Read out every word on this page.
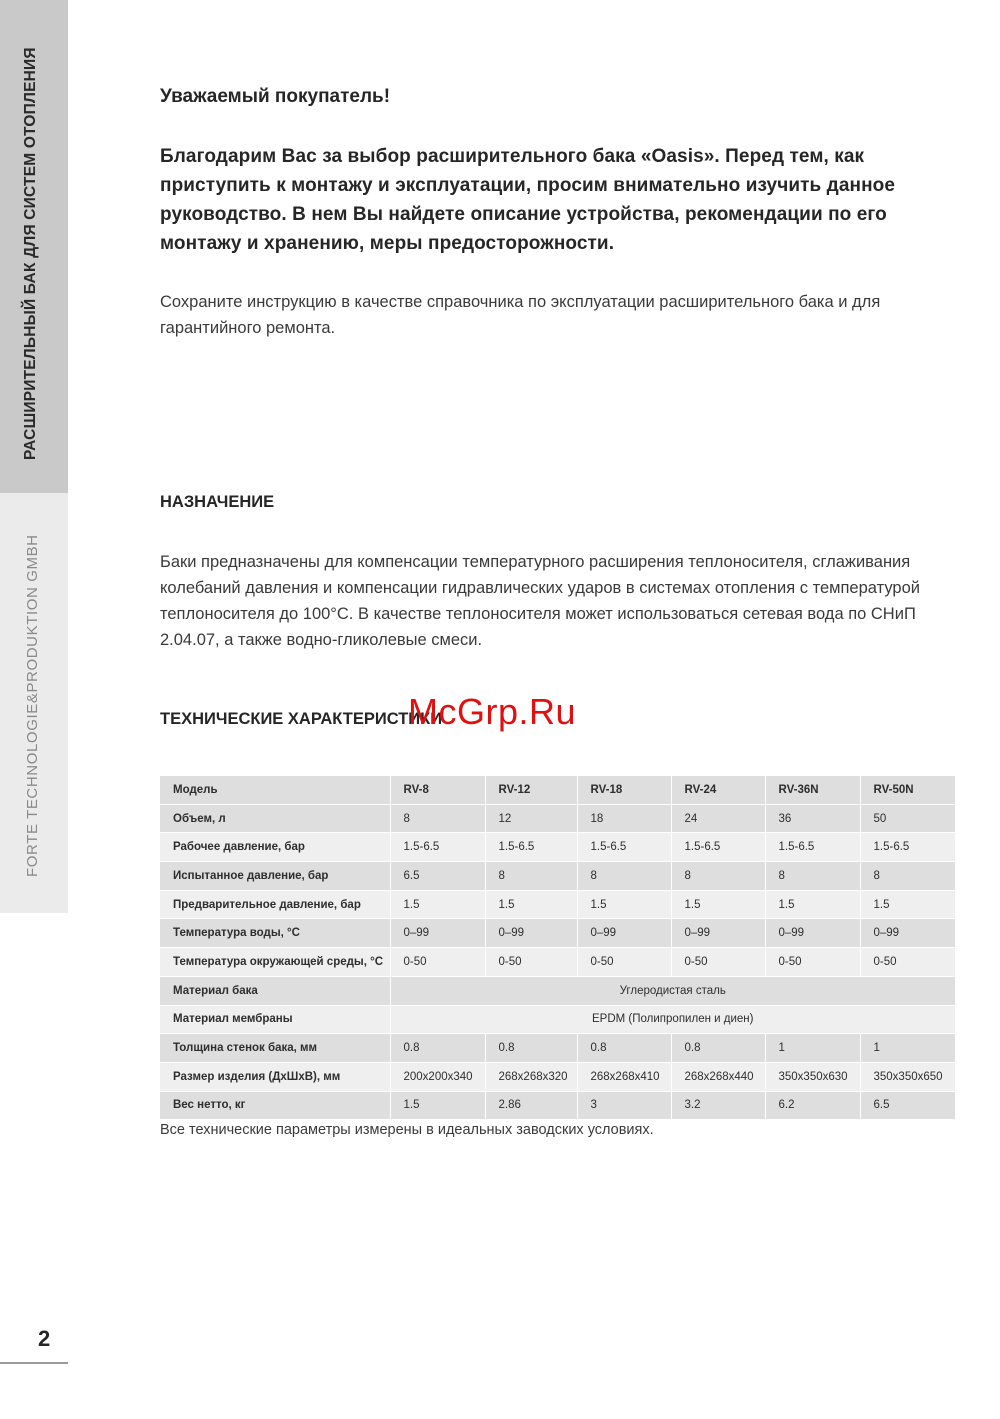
РАСШИРИТЕЛЬНЫЙ БАК ДЛЯ СИСТЕМ ОТОПЛЕНИЯ
FORTE TECHNOLOGIE&PRODUKTION GMBH
Уважаемый покупатель!
Благодарим Вас за выбор расширительного бака «Oasis». Перед тем, как приступить к монтажу и эксплуатации, просим внимательно изучить данное руководство. В нем Вы найдете описание устройства, рекомендации по его монтажу и хранению, меры предосторожности.
Сохраните инструкцию в качестве справочника по эксплуатации расширительного бака и для гарантийного ремонта.
НАЗНАЧЕНИЕ
Баки предназначены для компенсации температурного расширения теплоносителя, сглаживания колебаний давления и компенсации гидравлических ударов в системах отопления с температурой теплоносителя до 100°С. В качестве теплоносителя может использоваться сетевая вода по СНиП 2.04.07, а также водно-гликолевые смеси.
ТЕХНИЧЕСКИЕ ХАРАКТЕРИСТИКИ
Модель	RV-8	RV-12	RV-18	RV-24	RV-36N	RV-50N
Объем, л	8	12	18	24	36	50
Рабочее давление, бар	1.5-6.5	1.5-6.5	1.5-6.5	1.5-6.5	1.5-6.5	1.5-6.5
Испытанное давление, бар	6.5	8	8	8	8	8
Предварительное давление, бар	1.5	1.5	1.5	1.5	1.5	1.5
Температура воды, °С	0–99	0–99	0–99	0–99	0–99	0–99
Температура окружающей среды, °С	0-50	0-50	0-50	0-50	0-50	0-50
Материал бака	Углеродистая сталь					
Материал мембраны	EPDM (Полипропилен и диен)					
Толщина стенок бака, мм	0.8	0.8	0.8	0.8	1	1
Размер изделия (ДхШхВ), мм	200x200x340	268x268x320	268x268x410	268x268x440	350x350x630	350x350x650
Вес нетто, кг	1.5	2.86	3	3.2	6.2	6.5
Все технические параметры измерены в идеальных заводских условиях.
McGrp.Ru
2
